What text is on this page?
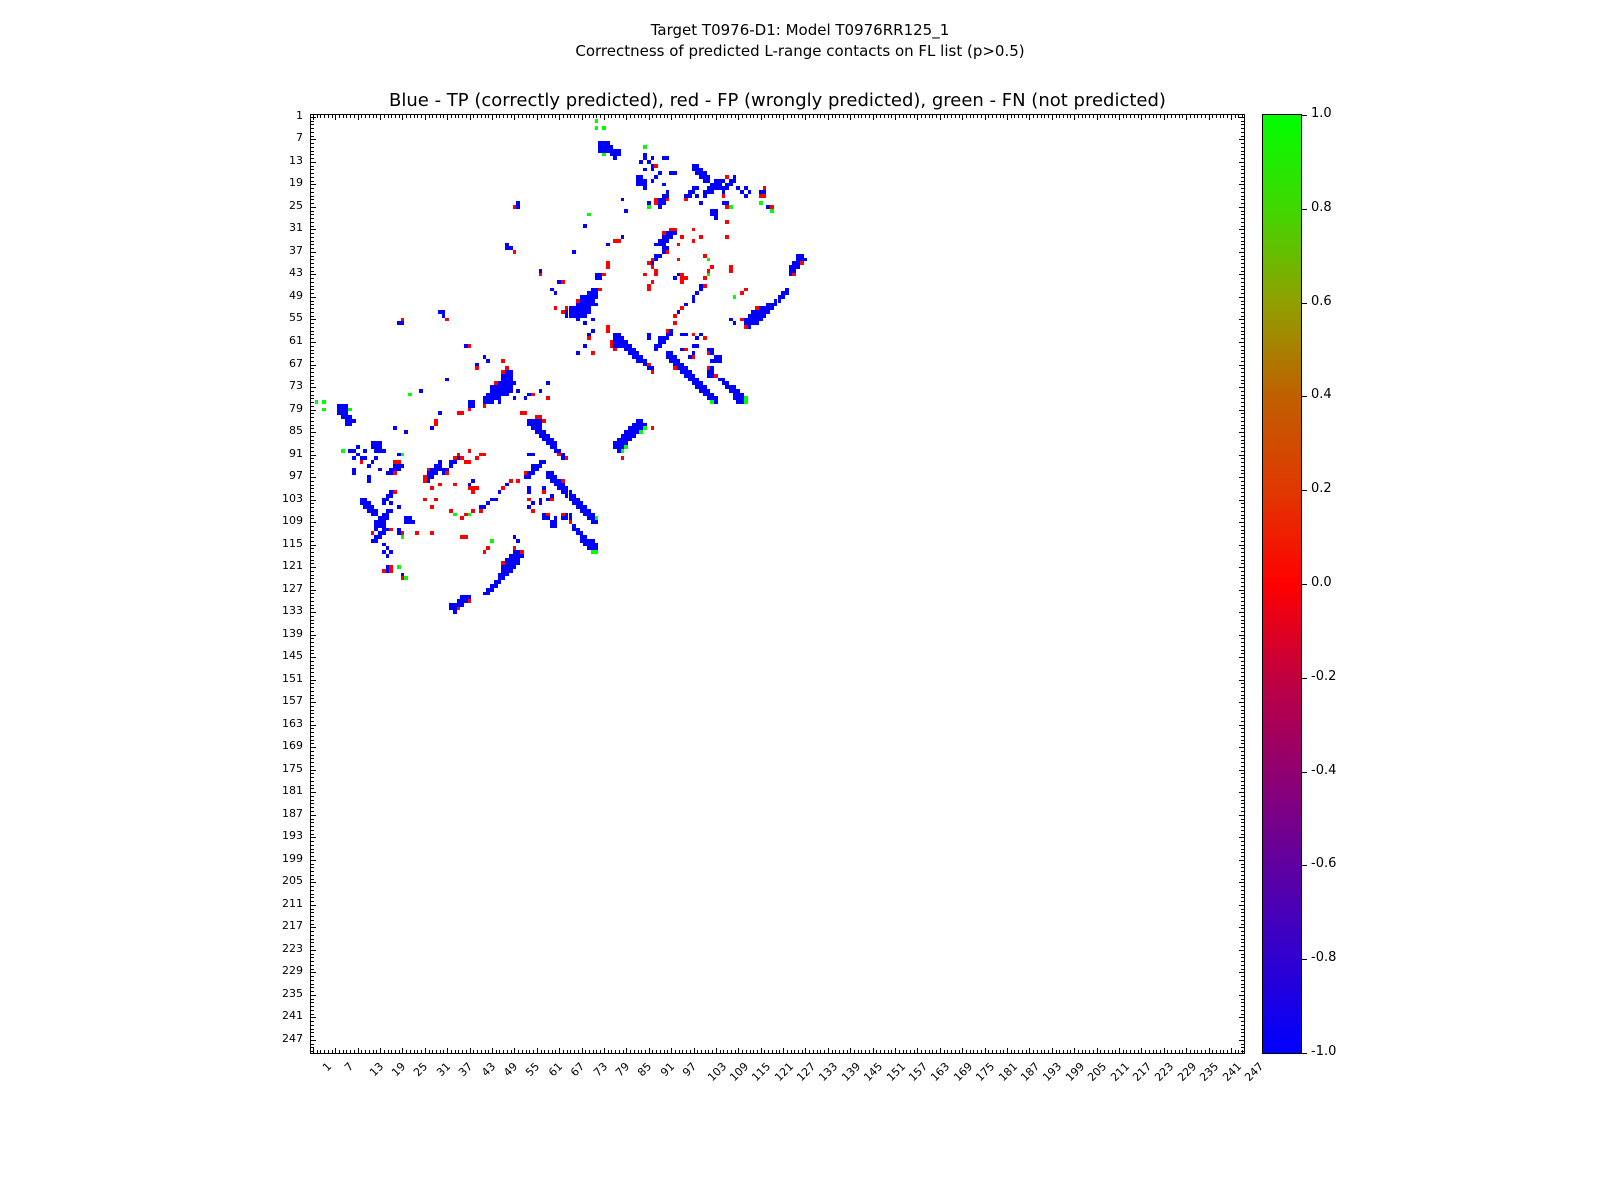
Target T0976-D1: Model T0976RR125_1
Correctness of predicted L-range contacts on FL list (p>0.5)
Blue - TP (correctly predicted), red - FP (wrongly predicted), green - FN (not predicted)
1
7
13
19
25
31
37
43
49
55
61
67
73
79
85
91
97
103
109
115
121
127
133
139
145
151
157
163
169
175
181
187
193
199
205
211
217
223
229
235
241
247
1 7 13 19 25 31 37 43 49 55 61 67 73 79 85 91 97 103
109
115
121
127
133
139
145
151
157
163
169
175
181
187
193
199
205
211
217
223
229
235
241
247
1.0
0.8
0.6
0.4
0.2
0.0
-0.2
-0.4
-0.6
-0.8
-1.0
